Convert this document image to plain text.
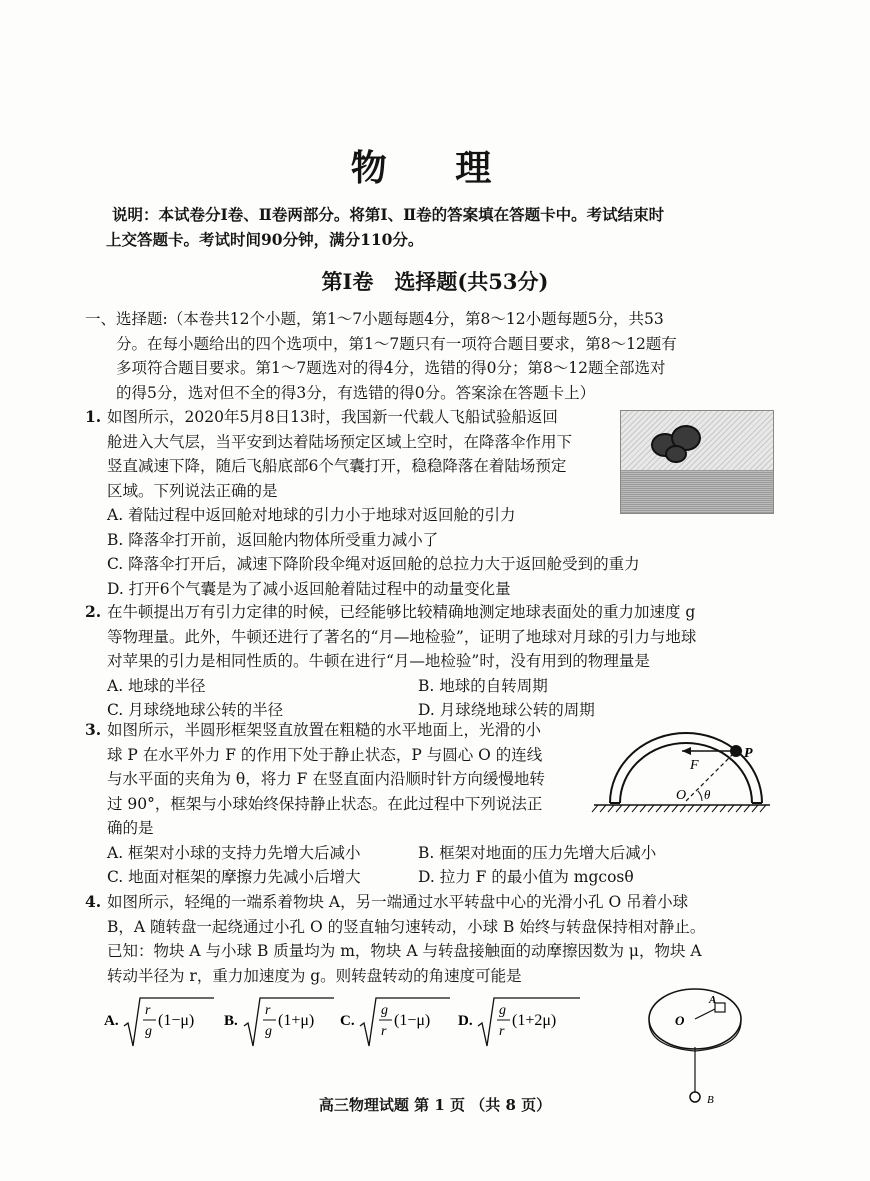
物 理
说明：本试卷分Ⅰ卷、Ⅱ卷两部分。将第Ⅰ、Ⅱ卷的答案填在答题卡中。考试结束时
上交答题卡。考试时间90分钟，满分110分。
第Ⅰ卷　选择题(共53分)
一、选择题:（本卷共12个小题，第1～7小题每题4分，第8～12小题每题5分，共53
分。在每小题给出的四个选项中，第1～7题只有一项符合题目要求，第8～12题有
多项符合题目要求。第1～7题选对的得4分，选错的得0分；第8～12题全部选对
的得5分，选对但不全的得3分，有选错的得0分。答案涂在答题卡上）
1. 如图所示，2020年5月8日13时，我国新一代载人飞船试验船返回
舱进入大气层，当平安到达着陆场预定区域上空时，在降落伞作用下
竖直减速下降，随后飞船底部6个气囊打开，稳稳降落在着陆场预定
区域。下列说法正确的是
A. 着陆过程中返回舱对地球的引力小于地球对返回舱的引力
B. 降落伞打开前，返回舱内物体所受重力减小了
C. 降落伞打开后，减速下降阶段伞绳对返回舱的总拉力大于返回舱受到的重力
D. 打开6个气囊是为了减小返回舱着陆过程中的动量变化量
2. 在牛顿提出万有引力定律的时候，已经能够比较精确地测定地球表面处的重力加速度 g
等物理量。此外，牛顿还进行了著名的“月—地检验”，证明了地球对月球的引力与地球
对苹果的引力是相同性质的。牛顿在进行“月—地检验”时，没有用到的物理量是
A. 地球的半径	B. 地球的自转周期
C. 月球绕地球公转的半径	D. 月球绕地球公转的周期
3. 如图所示，半圆形框架竖直放置在粗糙的水平地面上，光滑的小
球 P 在水平外力 F 的作用下处于静止状态，P 与圆心 O 的连线
与水平面的夹角为 θ，将力 F 在竖直面内沿顺时针方向缓慢地转
过 90°，框架与小球始终保持静止状态。在此过程中下列说法正
确的是
A. 框架对小球的支持力先增大后减小	B. 框架对地面的压力先增大后减小
C. 地面对框架的摩擦力先减小后增大	D. 拉力 F 的最小值为 mgcosθ
F
P
O θ
4. 如图所示，轻绳的一端系着物块 A，另一端通过水平转盘中心的光滑小孔 O 吊着小球
B，A 随转盘一起绕通过小孔 O 的竖直轴匀速转动，小球 B 始终与转盘保持相对静止。
已知：物块 A 与小球 B 质量均为 m，物块 A 与转盘接触面的动摩擦因数为 μ，物块 A
转动半径为 r，重力加速度为 g。则转盘转动的角速度可能是
A.
r
g
(1−μ) B.
r
g
(1+μ) C.
g
r
(1−μ) D.
g
r
(1+2μ)	O
A
B
高三物理试题 第 1 页 （共 8 页）
